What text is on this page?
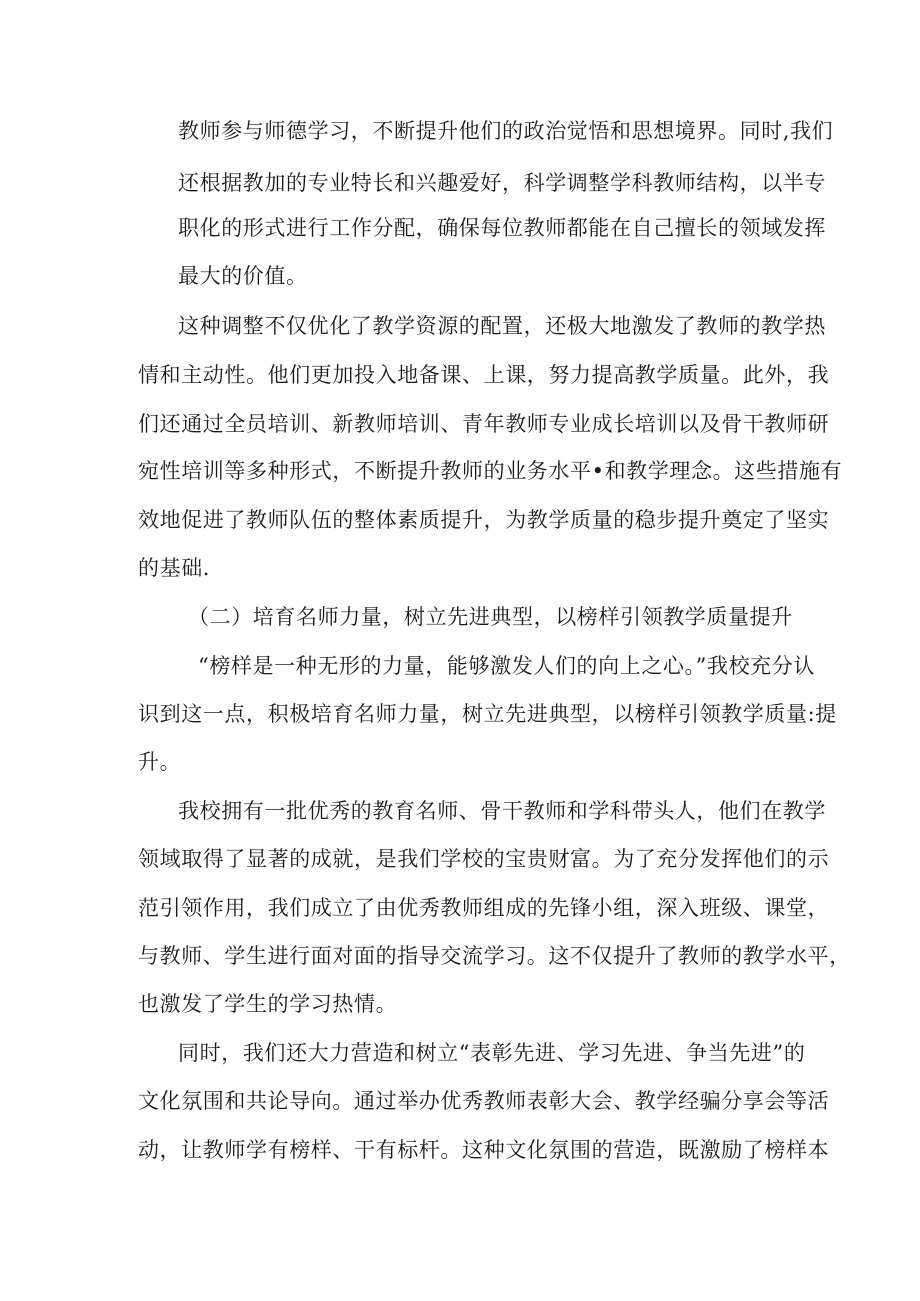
教师参与师德学习，不断提升他们的政治觉悟和思想境界。同时,我们
还根据教加的专业特长和兴趣爱好，科学调整学科教师结构，以半专
职化的形式进行工作分配，确保每位教师都能在自己擅长的领域发挥
最大的价值。
这种调整不仅优化了教学资源的配置，还极大地激发了教师的教学热
情和主动性。他们更加投入地备课、上课，努力提高教学质量。此外，我
们还通过全员培训、新教师培训、青年教师专业成长培训以及骨干教师研
宛性培训等多种形式，不断提升教师的业务水平•和教学理念。这些措施有
效地促进了教师队伍的整体素质提升，为教学质量的稳步提升奠定了坚实
的基础.
（二）培育名师力量，树立先进典型，以榜样引领教学质量提升
“榜样是一种无形的力量，能够激发人们的向上之心。”我校充分认
识到这一点，积极培育名师力量，树立先进典型，以榜样引领教学质量:提
升。
我校拥有一批优秀的教育名师、骨干教师和学科带头人，他们在教学
领域取得了显著的成就，是我们学校的宝贵财富。为了充分发挥他们的示
范引领作用，我们成立了由优秀教师组成的先锋小组，深入班级、课堂，
与教师、学生进行面对面的指导交流学习。这不仅提升了教师的教学水平，
也激发了学生的学习热情。
同时，我们还大力营造和树立“表彰先进、学习先进、争当先进”的
文化氛围和共论导向。通过举办优秀教师表彰大会、教学经骗分享会等活
动，让教师学有榜样、干有标杆。这种文化氛围的营造，既激励了榜样本
